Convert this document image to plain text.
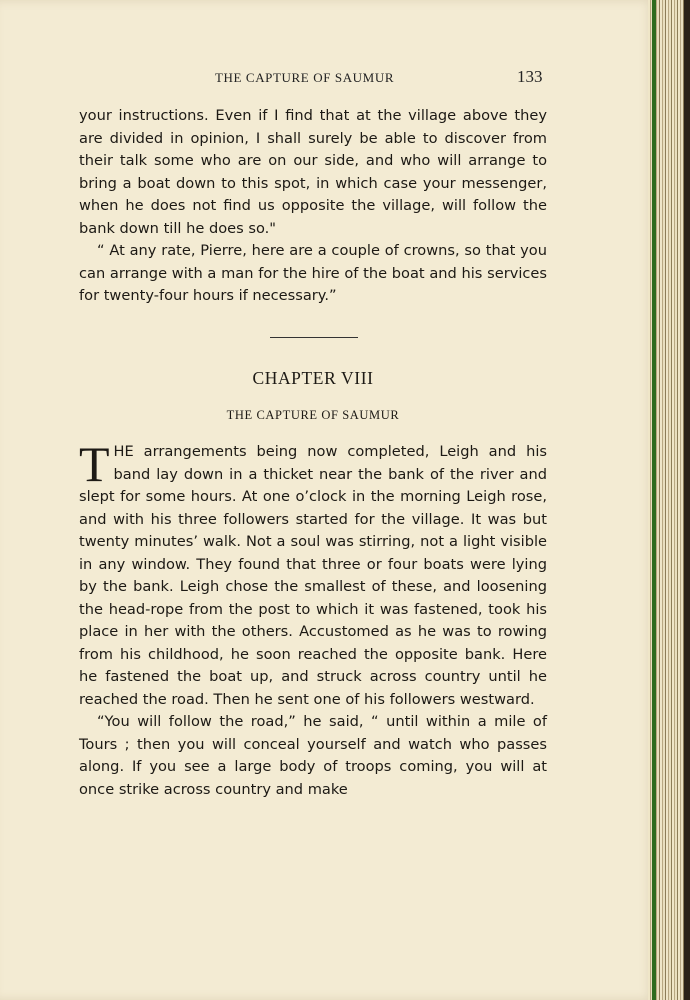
THE CAPTURE OF SAUMUR	133

your instructions. Even if I find that at the village above they are divided in opinion, I shall surely be able to discover from their talk some who are on our side, and who will arrange to bring a boat down to this spot, in which case your messenger, when he does not find us opposite the village, will follow the bank down till he does so."

“ At any rate, Pierre, here are a couple of crowns, so that you can arrange with a man for the hire of the boat and his services for twenty-four hours if necessary.”

CHAPTER VIII
THE CAPTURE OF SAUMUR

THE arrangements being now completed, Leigh and his band lay down in a thicket near the bank of the river and slept for some hours. At one o’clock in the morning Leigh rose, and with his three followers started for the village. It was but twenty minutes’ walk. Not a soul was stirring, not a light visible in any window. They found that three or four boats were lying by the bank. Leigh chose the smallest of these, and loosening the head-rope from the post to which it was fastened, took his place in her with the others. Accustomed as he was to rowing from his childhood, he soon reached the opposite bank. Here he fastened the boat up, and struck across country until he reached the road. Then he sent one of his followers westward.

“You will follow the road,” he said, “ until within a mile of Tours ; then you will conceal yourself and watch who passes along. If you see a large body of troops coming, you will at once strike across country and make
